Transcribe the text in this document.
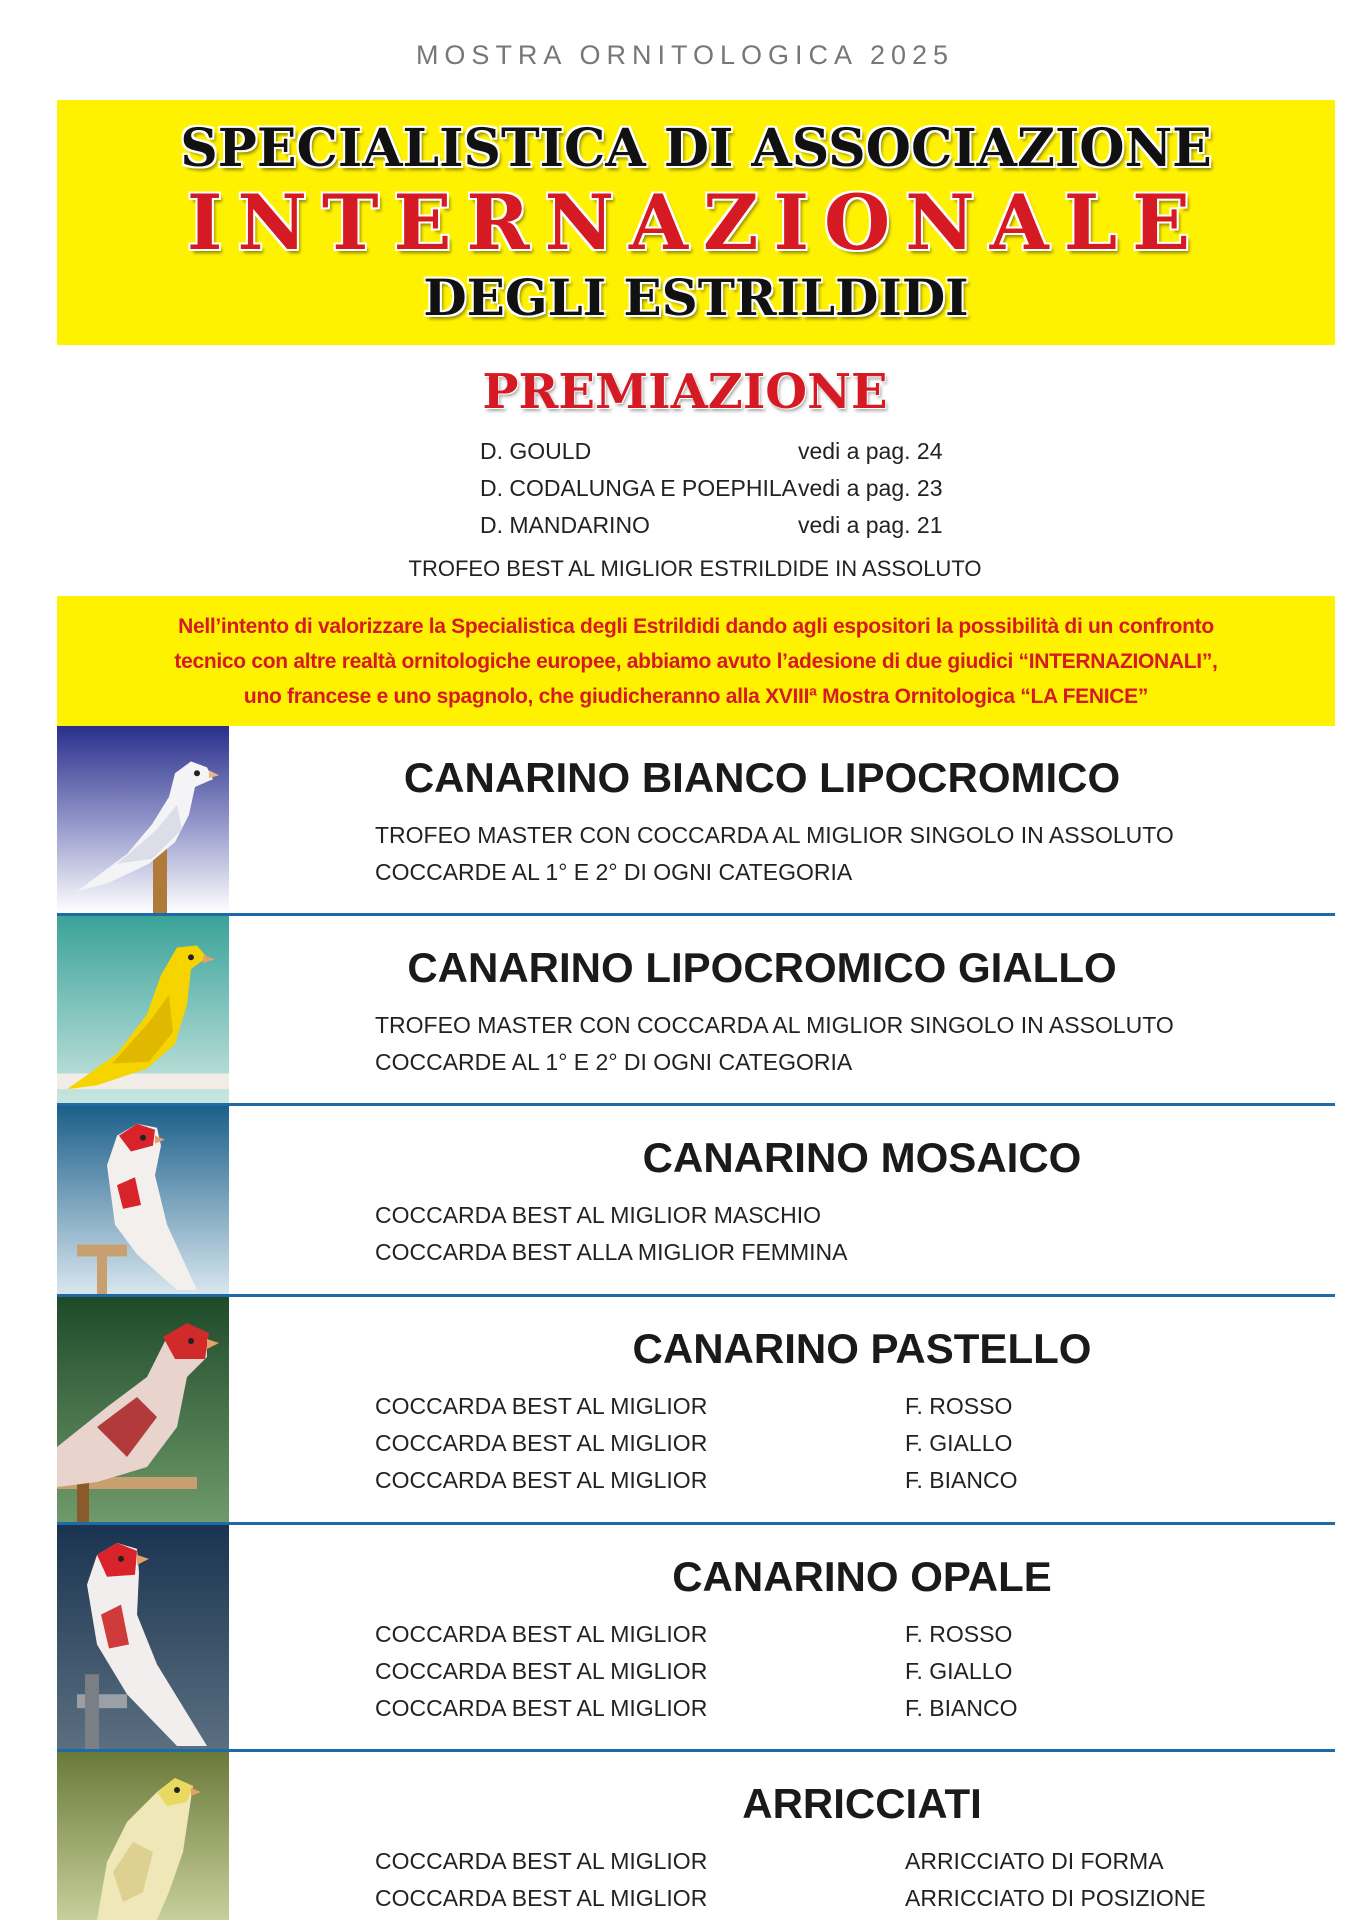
MOSTRA ORNITOLOGICA 2025
SPECIALISTICA DI ASSOCIAZIONE
INTERNAZIONALE
DEGLI ESTRILDIDI
PREMIAZIONE
D. GOULD	vedi a pag. 24
D. CODALUNGA E POEPHILA vedi a pag. 23
D. MANDARINO	vedi a pag. 21
TROFEO BEST AL MIGLIOR ESTRILDIDE IN ASSOLUTO
Nell’intento di valorizzare la Specialistica degli Estrildidi dando agli espositori la possibilità di un confronto
tecnico con altre realtà ornitologiche europee, abbiamo avuto l’adesione di due giudici “INTERNAZIONALI”,
uno francese e uno spagnolo, che giudicheranno alla XVIIIª Mostra Ornitologica “LA FENICE”
CANARINO BIANCO LIPOCROMICO
TROFEO MASTER CON COCCARDA AL MIGLIOR SINGOLO IN ASSOLUTO
COCCARDE AL 1° E 2° DI OGNI CATEGORIA
CANARINO LIPOCROMICO GIALLO
TROFEO MASTER CON COCCARDA AL MIGLIOR SINGOLO IN ASSOLUTO
COCCARDE AL 1° E 2° DI OGNI CATEGORIA
CANARINO MOSAICO
COCCARDA BEST AL MIGLIOR MASCHIO
COCCARDA BEST ALLA MIGLIOR FEMMINA
CANARINO PASTELLO
COCCARDA BEST AL MIGLIOR	F. ROSSO
COCCARDA BEST AL MIGLIOR	F. GIALLO
COCCARDA BEST AL MIGLIOR	F. BIANCO
CANARINO OPALE
COCCARDA BEST AL MIGLIOR	F. ROSSO
COCCARDA BEST AL MIGLIOR	F. GIALLO
COCCARDA BEST AL MIGLIOR	F. BIANCO
ARRICCIATI
COCCARDA BEST AL MIGLIOR	ARRICCIATO DI FORMA
COCCARDA BEST AL MIGLIOR	ARRICCIATO DI POSIZIONE
